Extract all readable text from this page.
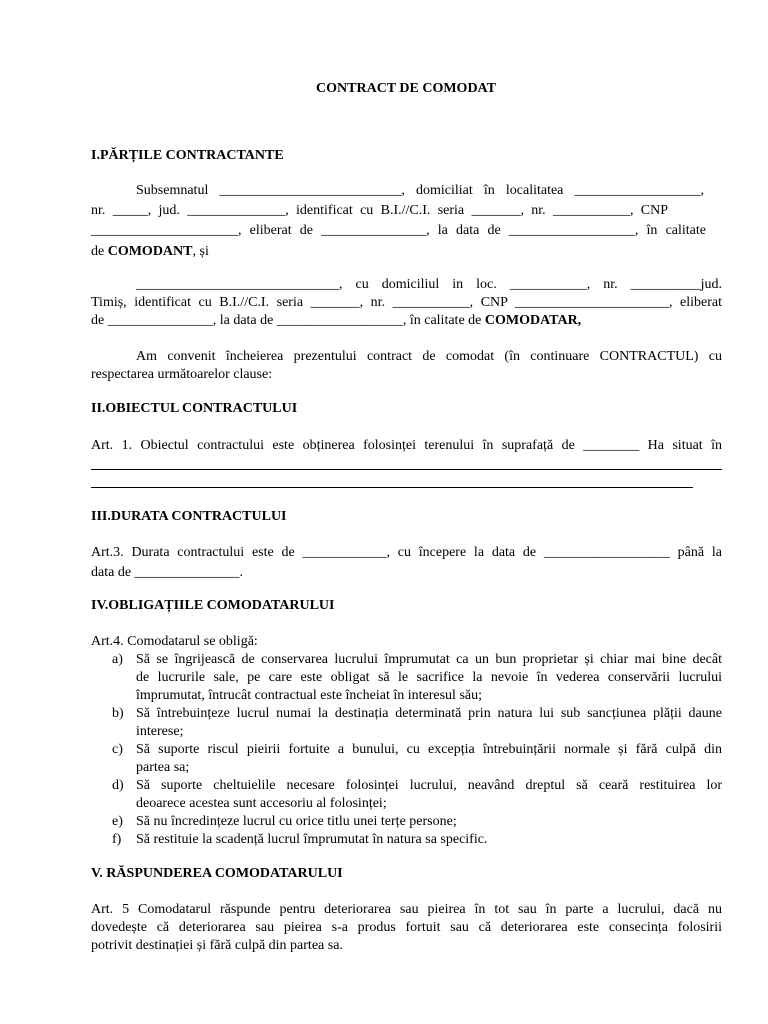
CONTRACT DE COMODAT
I.PĂRȚILE CONTRACTANTE
Subsemnatul __________________________, domiciliat în localitatea __________________,
nr. _____, jud. ______________, identificat cu B.I.//C.I. seria _______, nr. ___________, CNP
_____________________, eliberat de _______________, la data de __________________, în calitate
de COMODANT, și
_____________________________, cu domiciliul in loc. ___________, nr. __________jud.
Timiș, identificat cu B.I.//C.I. seria _______, nr. ___________, CNP ______________________, eliberat
de _______________, la data de __________________, în calitate de COMODATAR,
Am convenit încheierea prezentului contract de comodat (în continuare CONTRACTUL) cu
respectarea următoarelor clause:
II.OBIECTUL CONTRACTULUI
Art. 1. Obiectul contractului este obținerea folosinței terenului în suprafață de ________ Ha situat în
III.DURATA CONTRACTULUI
Art.3. Durata contractului este de ____________, cu începere la data de __________________ până la
data de _______________.
IV.OBLIGAȚIILE COMODATARULUI
Art.4. Comodatarul se obligă:
a) Să se îngrijească de conservarea lucrului împrumutat ca un bun proprietar și chiar mai bine decât
de lucrurile sale, pe care este obligat să le sacrifice la nevoie în vederea conservării lucrului
împrumutat, întrucât contractual este încheiat în interesul său;
b) Să întrebuințeze lucrul numai la destinația determinată prin natura lui sub sancțiunea plății daune
interese;
c) Să suporte riscul pieirii fortuite a bunului, cu excepția întrebuințării normale și fără culpă din
partea sa;
d) Să suporte cheltuielile necesare folosinței lucrului, neavând dreptul să ceară restituirea lor
deoarece acestea sunt accesoriu al folosinței;
e) Să nu încredințeze lucrul cu orice titlu unei terțe persone;
f) Să restituie la scadență lucrul împrumutat în natura sa specific.
V. RĂSPUNDEREA COMODATARULUI
Art. 5 Comodatarul răspunde pentru deteriorarea sau pieirea în tot sau în parte a lucrului, dacă nu
dovedește că deteriorarea sau pieirea s-a produs fortuit sau că deteriorarea este consecința folosirii
potrivit destinației și fără culpă din partea sa.
